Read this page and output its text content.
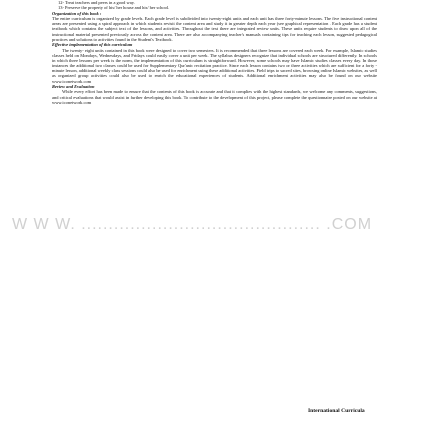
12- Treat teachers and peers in a good way.

13- Preserve the property of his/ her house and his/ her school.

Organization of this book :

The entire curriculum is organized by grade levels. Each grade level is subdivided into twenty-eight units and each unit has three forty-minute lessons. The five instructional content areas are presented using a spiral approach in which students revisit the content area and study it in greater depth each year (see graphical representation . Each grade has a student textbook which contains the subject text of the lessons, and activities. Throughout the text there are integrated review units. These units require students to draw upon all of the instructional material presented previously across the content area. There are also accompanying teacher's manuals containing tips for teaching each lesson, suggested pedagogical practices and solutions to activities found in the Student's Textbook.

Effective implementation of this curriculum

The twenty- eight units contained in this book were designed to cover two semesters. It is recommended that three lessons are covered each week. For example, Islamic studies classes held on Mondays, Wednesdays, and Fridays could easily cover a unit per week. The syllabus designers recognize that individual schools are structured differently. In schools in which three lessons per week is the norm, the implementation of this curriculum is straightforward. However, some schools may have Islamic studies classes every day. In those instances the additional two classes could be used for Supplementary Qur'anic recitation practice. Since each lesson contains two or three activities which are sufficient for a forty - minute lesson, additional weekly class sessions could also be used for enrichment using these additional activities. Field trips to sacred sites, browsing online Islamic websites, as well as organized group activities could also be used to enrich the educational experiences of students. Additional enrichment activities may also be found on our website www.iconetwork.com

Review and Evaluation

While every effort has been made to ensure that the contents of this book is accurate and that it complies with the highest standards, we welcome any comments, suggestions, and critical evaluations that would assist in further developing this book. To contribute to the development of this project, please complete the questionnaire posted on our website at www.iconetwork.com

W W W. ............................................ .COM
International Curricula
